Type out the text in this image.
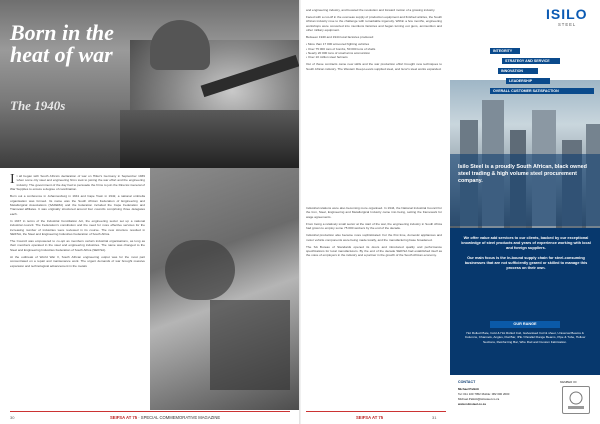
Born in the heat of war
The 1940s
I t all began with South Africa's declaration of war on Hitler's Germany in September 1939 when some city steel and engineering firms took to joining the war effort and the engineering industry. The government of the day had to persuade the firms to join the Director-General of War Supplies to ensure a degree of coordination.

Born out a conference in Johannesburg in 1941 and Cape Town in 1942, a national umbrella organisation was formed. Its name was the South African Federation of Engineering and Metallurgical Associations (SAFEMA) and the federation included the Cape Federation and Transvaal affiliates. It was originally structured around four councils comprising three delegates each.

In 1947 in terms of the Industrial Conciliation Act, the engineering sector set up a national industrial council. The Federation's constitution and the need for more effective services for the increasing number of industries were reviewed in its course. The new structure resulted in SEIFSA, the Steel and Engineering Industries Federation of South Africa.

The Council was empowered to co-opt as members certain industrial organisations, as long as their members operated in the steel and engineering industries. The name was changed to the Steel and Engineering Industries Federation of South Africa (SEIFSA).

At the outbreak of World War II, South African engineering output was for the most part concentrated on a repair and maintenance work. The urgent demands of war brought massive expansion and technological advancement in the metals

30	SEIFSA AT 75 · SPECIAL COMMEMORATIVE MAGAZINE

and engineering industry, and boosted the resolution and forward motion of a growing industry.

Faced with a cut-off in the overseas supply of production equipment and finished articles, the South African industry rose to the challenge with remarkable ingenuity. Within a few months, engineering workshops were converted into munitions factories and began turning out guns, ammunition and other military equipment.

Between 1940 and 1944 local factories produced:

• More than 17 000 armoured fighting vehicles

• Over 75 000 tons of bombs, 50 000 tons of shells

• Nearly 20 000 tons of small arms ammunition

• Over 10 million steel helmets

Out of these contracts came new skills and the war production effort brought new techniques to South African industry. The Western Deep-Levels supplied steel, and Iscor's steel works expanded.

Industrial relations were also becoming more organised. In 1944, the National Industrial Council for the Iron, Steel, Engineering and Metallurgical Industry came into being, setting the framework for wage agreements.

From being a relatively small sector at the start of the war, the engineering industry in South Africa had grown to employ some 75 000 workers by the end of the decade.

Industrial production also became more sophisticated. For the first time, domestic appliances and motor vehicle components were being made locally, and the manufacturing base broadened.

The SA Bureau of Standards opened its doors and introduced quality and performance specifications for local manufacturers. By the end of the decade SEIFSA had established itself as the voice of employers in the industry and a partner in the growth of the South African economy.

ISILO
STEEL
INTEGRITY
STRATEGY AND SERVICE
INNOVATION
LEADERSHIP
OVERALL CUSTOMER SATISFACTION
Isilo Steel is a proudly South African, black owned steel trading & high volume steel procurement company.

We offer value add services to our clients, backed by our exceptional knowledge of steel products and years of experience working with local and foreign suppliers.

Our main focus is the in-bound supply chain for steel-consuming businesses that are not sufficiently geared or skilled to manage this process on their own.

OUR RANGE
Hot Rolled Plate, Cold & Hot Rolled Coil, Galvanised Coil & sheet, Universal Beams & Columns, Channels, Angles, Flat Bar, IPE / Parallel Flange Beams, Pipe & Tube, Hollow Sections, Reinforcing Bar, Wire Rod and Custom Fabrication.
CONTACT
Michael Pallotti
Tel: 011 100 7952 Mobile: 082 000 2000
Michael.Pallotti@isilosteel.co.za
www.isilosteel.co.za
MEMBER OF
SEIFSA AT 75	31
